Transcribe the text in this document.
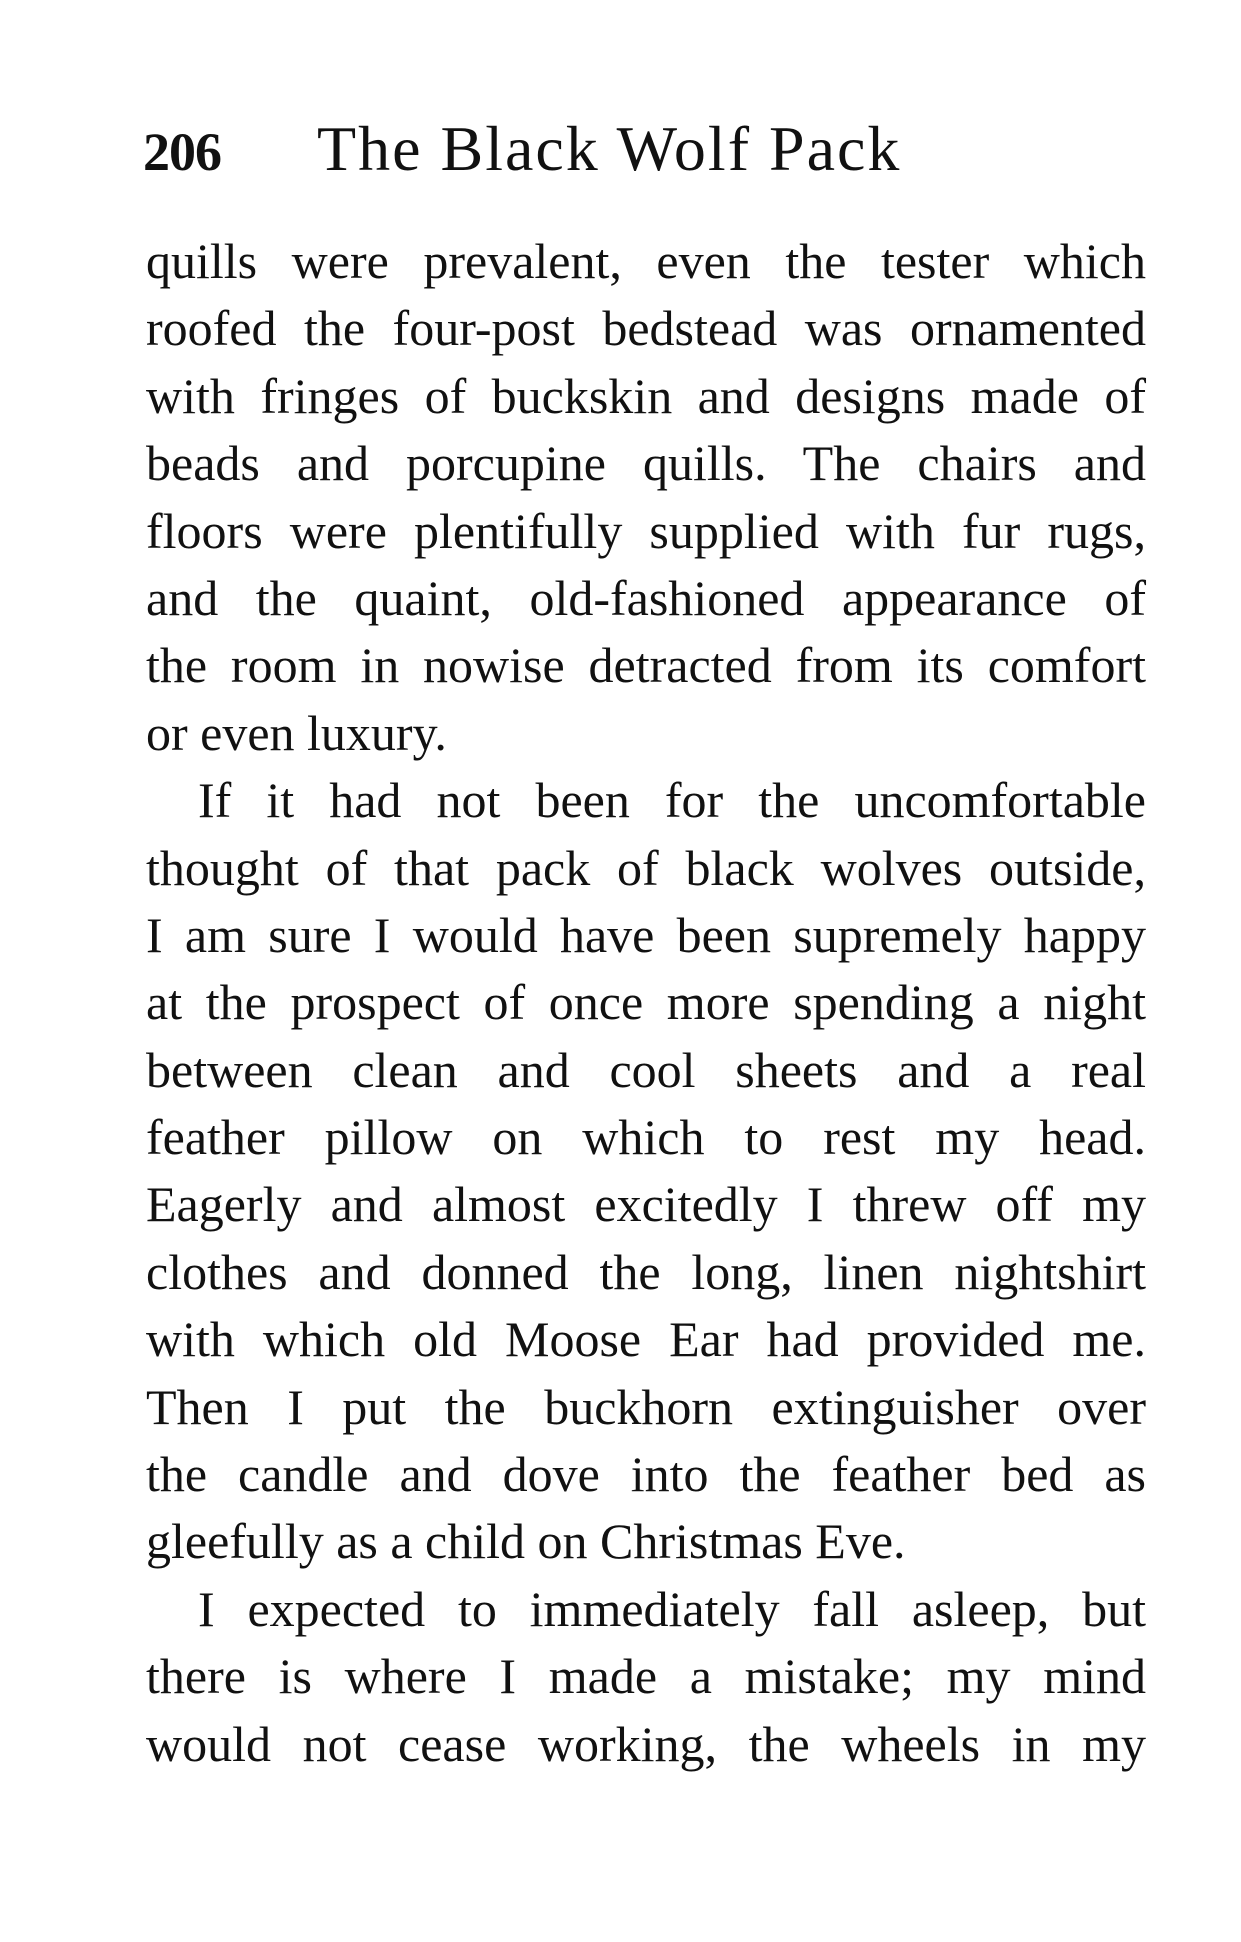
206 The Black Wolf Pack
quills were prevalent, even the tester which
roofed the four-post bedstead was ornamented
with fringes of buckskin and designs made of
beads and porcupine quills. The chairs and
floors were plentifully supplied with fur rugs,
and the quaint, old-fashioned appearance of
the room in nowise detracted from its comfort
or even luxury.
If it had not been for the uncomfortable
thought of that pack of black wolves outside,
I am sure I would have been supremely happy
at the prospect of once more spending a night
between clean and cool sheets and a real
feather pillow on which to rest my head.
Eagerly and almost excitedly I threw off my
clothes and donned the long, linen nightshirt
with which old Moose Ear had provided me.
Then I put the buckhorn extinguisher over
the candle and dove into the feather bed as
gleefully as a child on Christmas Eve.
I expected to immediately fall asleep, but
there is where I made a mistake; my mind
would not cease working, the wheels in my
